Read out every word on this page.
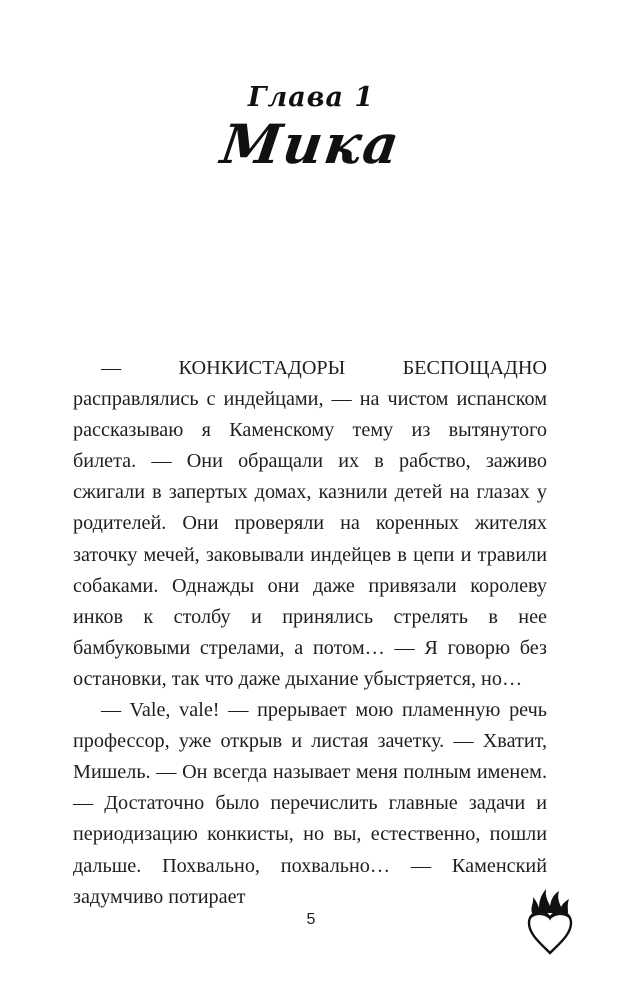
Глава 1
Мика

— КОНКИСТАДОРЫ БЕСПОЩАДНО расправлялись с индейцами, — на чистом испанском рассказываю я Каменскому тему из вытянутого билета. — Они обращали их в рабство, заживо сжигали в запертых домах, казнили детей на глазах у родителей. Они проверяли на коренных жителях заточку мечей, заковывали индейцев в цепи и травили собаками. Однажды они даже привязали королеву инков к столбу и принялись стрелять в нее бамбуковыми стрелами, а потом… — Я говорю без остановки, так что даже дыхание убыстряется, но…

— Vale, vale! — прерывает мою пламенную речь профессор, уже открыв и листая зачетку. — Хватит, Мишель. — Он всегда называет меня полным именем. — Достаточно было перечислить главные задачи и периодизацию конкисты, но вы, естественно, пошли дальше. Похвально, похвально… — Каменский задумчиво потирает

5
